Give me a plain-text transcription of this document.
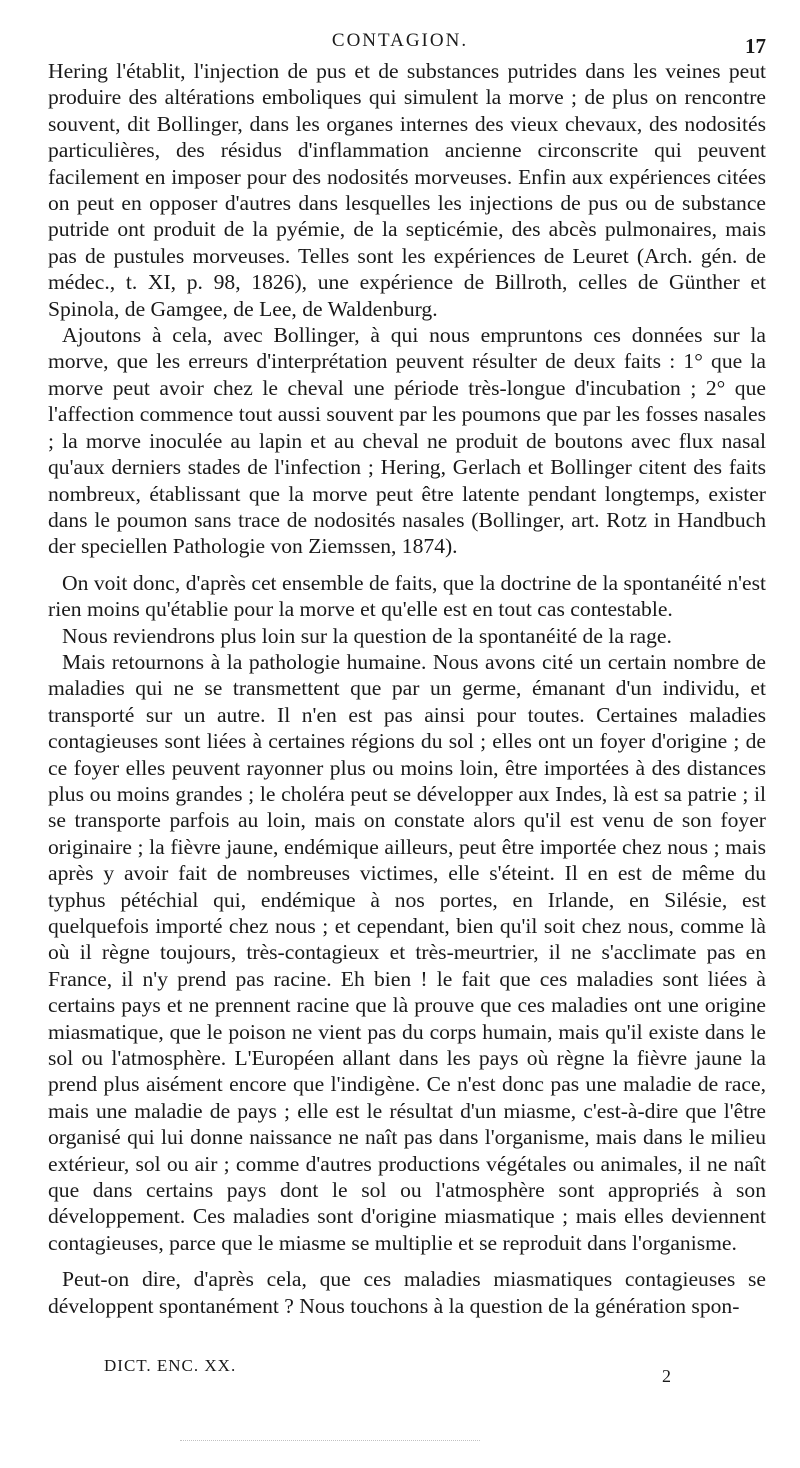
CONTAGION.	17

Hering l'établit, l'injection de pus et de substances putrides dans les veines peut produire des altérations emboliques qui simulent la morve ; de plus on rencontre souvent, dit Bollinger, dans les organes internes des vieux chevaux, des nodosités particulières, des résidus d'inflammation ancienne circonscrite qui peuvent facilement en imposer pour des nodosités morveuses. Enfin aux expériences citées on peut en opposer d'autres dans lesquelles les injections de pus ou de substance putride ont produit de la pyémie, de la septicémie, des abcès pulmonaires, mais pas de pustules morveuses. Telles sont les expériences de Leuret (Arch. gén. de médec., t. XI, p. 98, 1826), une expérience de Billroth, celles de Günther et Spinola, de Gamgee, de Lee, de Waldenburg.

Ajoutons à cela, avec Bollinger, à qui nous empruntons ces données sur la morve, que les erreurs d'interprétation peuvent résulter de deux faits : 1° que la morve peut avoir chez le cheval une période très-longue d'incubation ; 2° que l'affection commence tout aussi souvent par les poumons que par les fosses nasales ; la morve inoculée au lapin et au cheval ne produit de boutons avec flux nasal qu'aux derniers stades de l'infection ; Hering, Gerlach et Bollinger citent des faits nombreux, établissant que la morve peut être latente pendant longtemps, exister dans le poumon sans trace de nodosités nasales (Bollinger, art. Rotz in Handbuch der speciellen Pathologie von Ziemssen, 1874).

On voit donc, d'après cet ensemble de faits, que la doctrine de la spontanéité n'est rien moins qu'établie pour la morve et qu'elle est en tout cas contestable.

Nous reviendrons plus loin sur la question de la spontanéité de la rage.

Mais retournons à la pathologie humaine. Nous avons cité un certain nombre de maladies qui ne se transmettent que par un germe, émanant d'un individu, et transporté sur un autre. Il n'en est pas ainsi pour toutes. Certaines maladies contagieuses sont liées à certaines régions du sol ; elles ont un foyer d'origine ; de ce foyer elles peuvent rayonner plus ou moins loin, être importées à des distances plus ou moins grandes ; le choléra peut se développer aux Indes, là est sa patrie ; il se transporte parfois au loin, mais on constate alors qu'il est venu de son foyer originaire ; la fièvre jaune, endémique ailleurs, peut être importée chez nous ; mais après y avoir fait de nombreuses victimes, elle s'éteint. Il en est de même du typhus pétéchial qui, endémique à nos portes, en Irlande, en Silésie, est quelquefois importé chez nous ; et cependant, bien qu'il soit chez nous, comme là où il règne toujours, très-contagieux et très-meurtrier, il ne s'acclimate pas en France, il n'y prend pas racine. Eh bien ! le fait que ces maladies sont liées à certains pays et ne prennent racine que là prouve que ces maladies ont une origine miasmatique, que le poison ne vient pas du corps humain, mais qu'il existe dans le sol ou l'atmosphère. L'Européen allant dans les pays où règne la fièvre jaune la prend plus aisément encore que l'indigène. Ce n'est donc pas une maladie de race, mais une maladie de pays ; elle est le résultat d'un miasme, c'est-à-dire que l'être organisé qui lui donne naissance ne naît pas dans l'organisme, mais dans le milieu extérieur, sol ou air ; comme d'autres productions végétales ou animales, il ne naît que dans certains pays dont le sol ou l'atmosphère sont appropriés à son développement. Ces maladies sont d'origine miasmatique ; mais elles deviennent contagieuses, parce que le miasme se multiplie et se reproduit dans l'organisme.

Peut-on dire, d'après cela, que ces maladies miasmatiques contagieuses se développent spontanément ? Nous touchons à la question de la génération spon-

DICT. ENC. XX.
2
